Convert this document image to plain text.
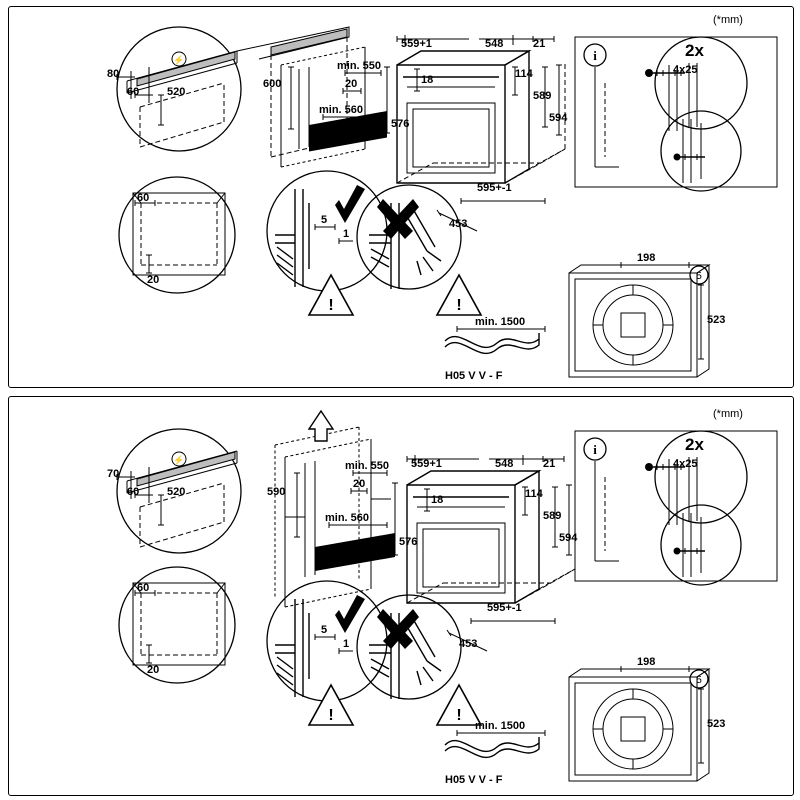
⚡
!	!
i
5
(*mm)
80
60	520
600
min. 550
20
min. 560
576
559+1	548	21
18	114
589
594
595+-1
453
60
20
5
1
min. 1500
H05 V V - F
2x
4x25
198
523
⚡
!	!
i
5
(*mm)
70
60	520	590
min. 550
20
min. 560
576
559+1	548	21
18	114
589
594
595+-1
453
60
20
5
1
min. 1500
H05 V V - F
2x
4x25
198
523
